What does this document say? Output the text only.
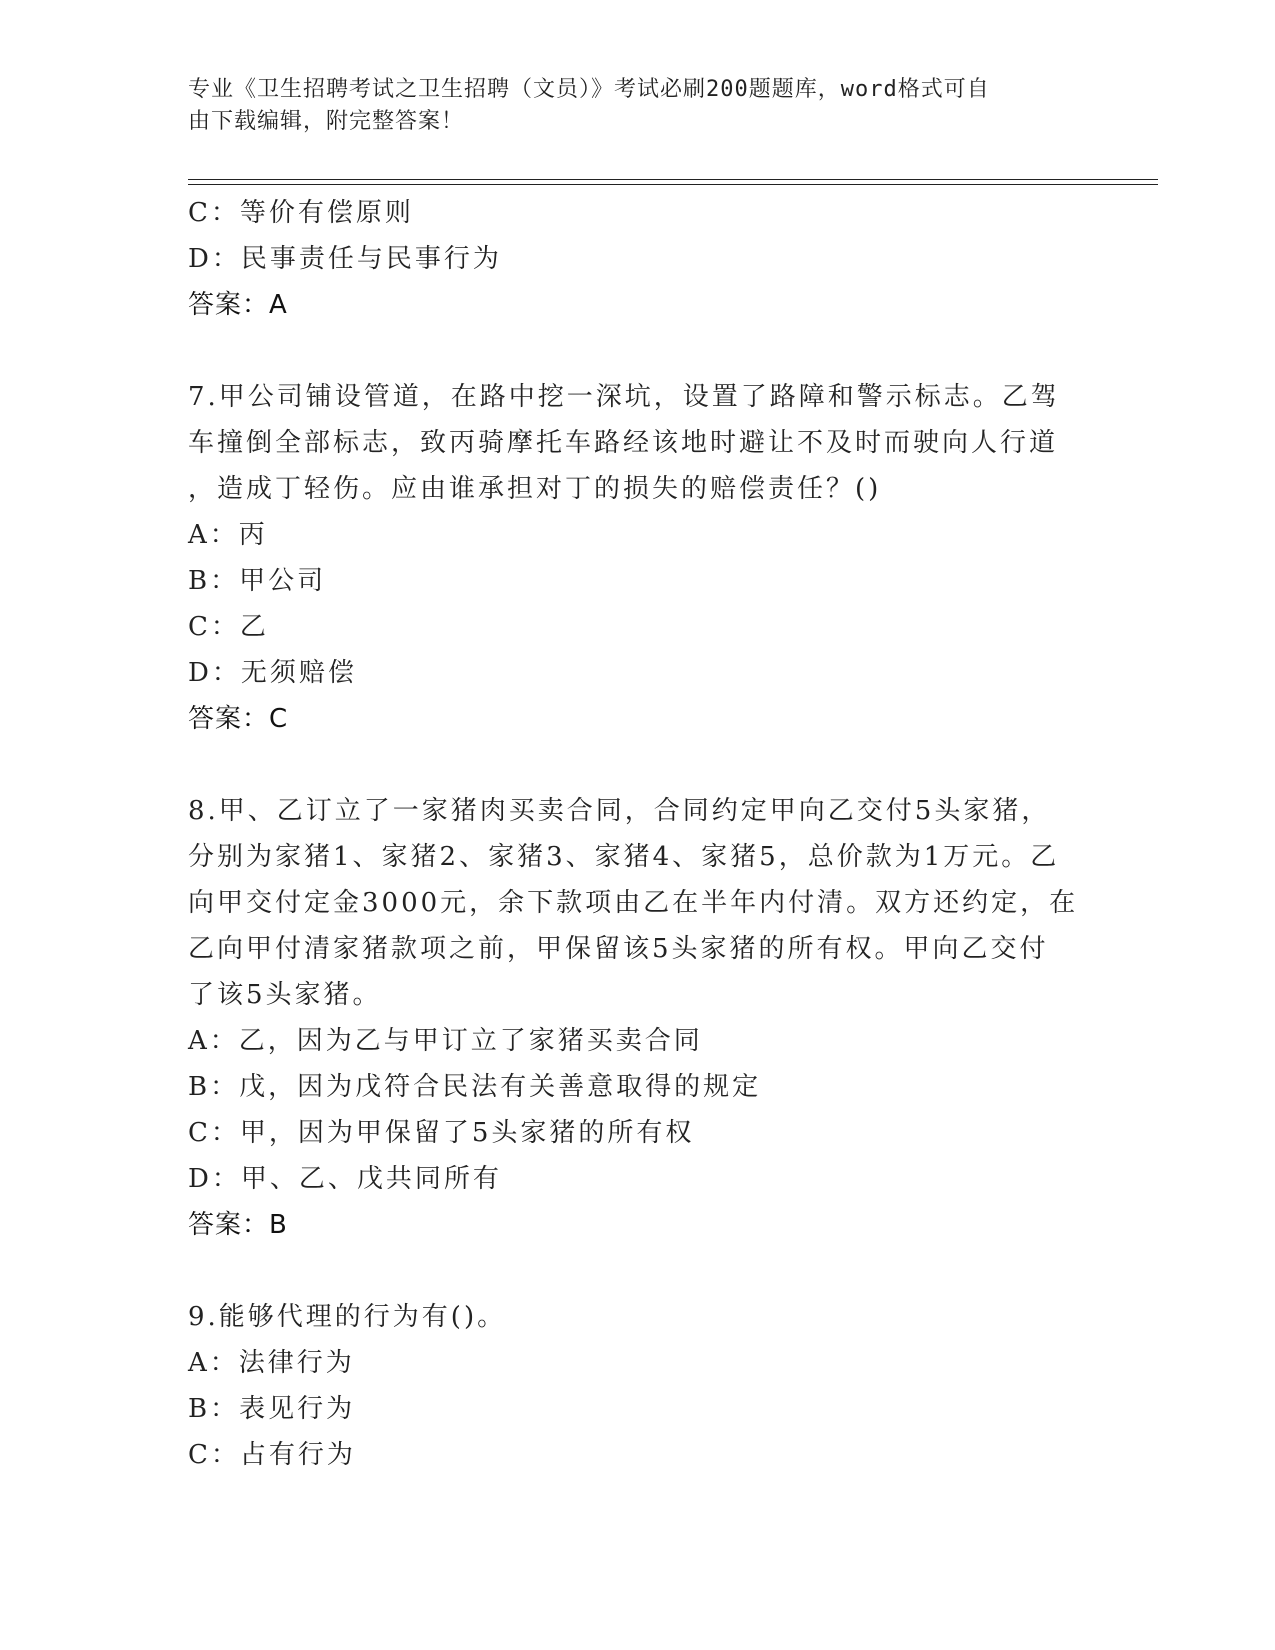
专业《卫生招聘考试之卫生招聘（文员）》考试必刷200题题库，word格式可自
由下载编辑，附完整答案！
C：等价有偿原则
D：民事责任与民事行为
答案：A
7.甲公司铺设管道，在路中挖一深坑，设置了路障和警示标志。乙驾
车撞倒全部标志，致丙骑摩托车路经该地时避让不及时而驶向人行道
，造成丁轻伤。应由谁承担对丁的损失的赔偿责任？()
A：丙
B：甲公司
C：乙
D：无须赔偿
答案：C
8.甲、乙订立了一家猪肉买卖合同，合同约定甲向乙交付5头家猪，
分别为家猪1、家猪2、家猪3、家猪4、家猪5，总价款为1万元。乙
向甲交付定金3000元，余下款项由乙在半年内付清。双方还约定，在
乙向甲付清家猪款项之前，甲保留该5头家猪的所有权。甲向乙交付
了该5头家猪。
A：乙，因为乙与甲订立了家猪买卖合同
B：戊，因为戊符合民法有关善意取得的规定
C：甲，因为甲保留了5头家猪的所有权
D：甲、乙、戊共同所有
答案：B
9.能够代理的行为有()。
A：法律行为
B：表见行为
C：占有行为
